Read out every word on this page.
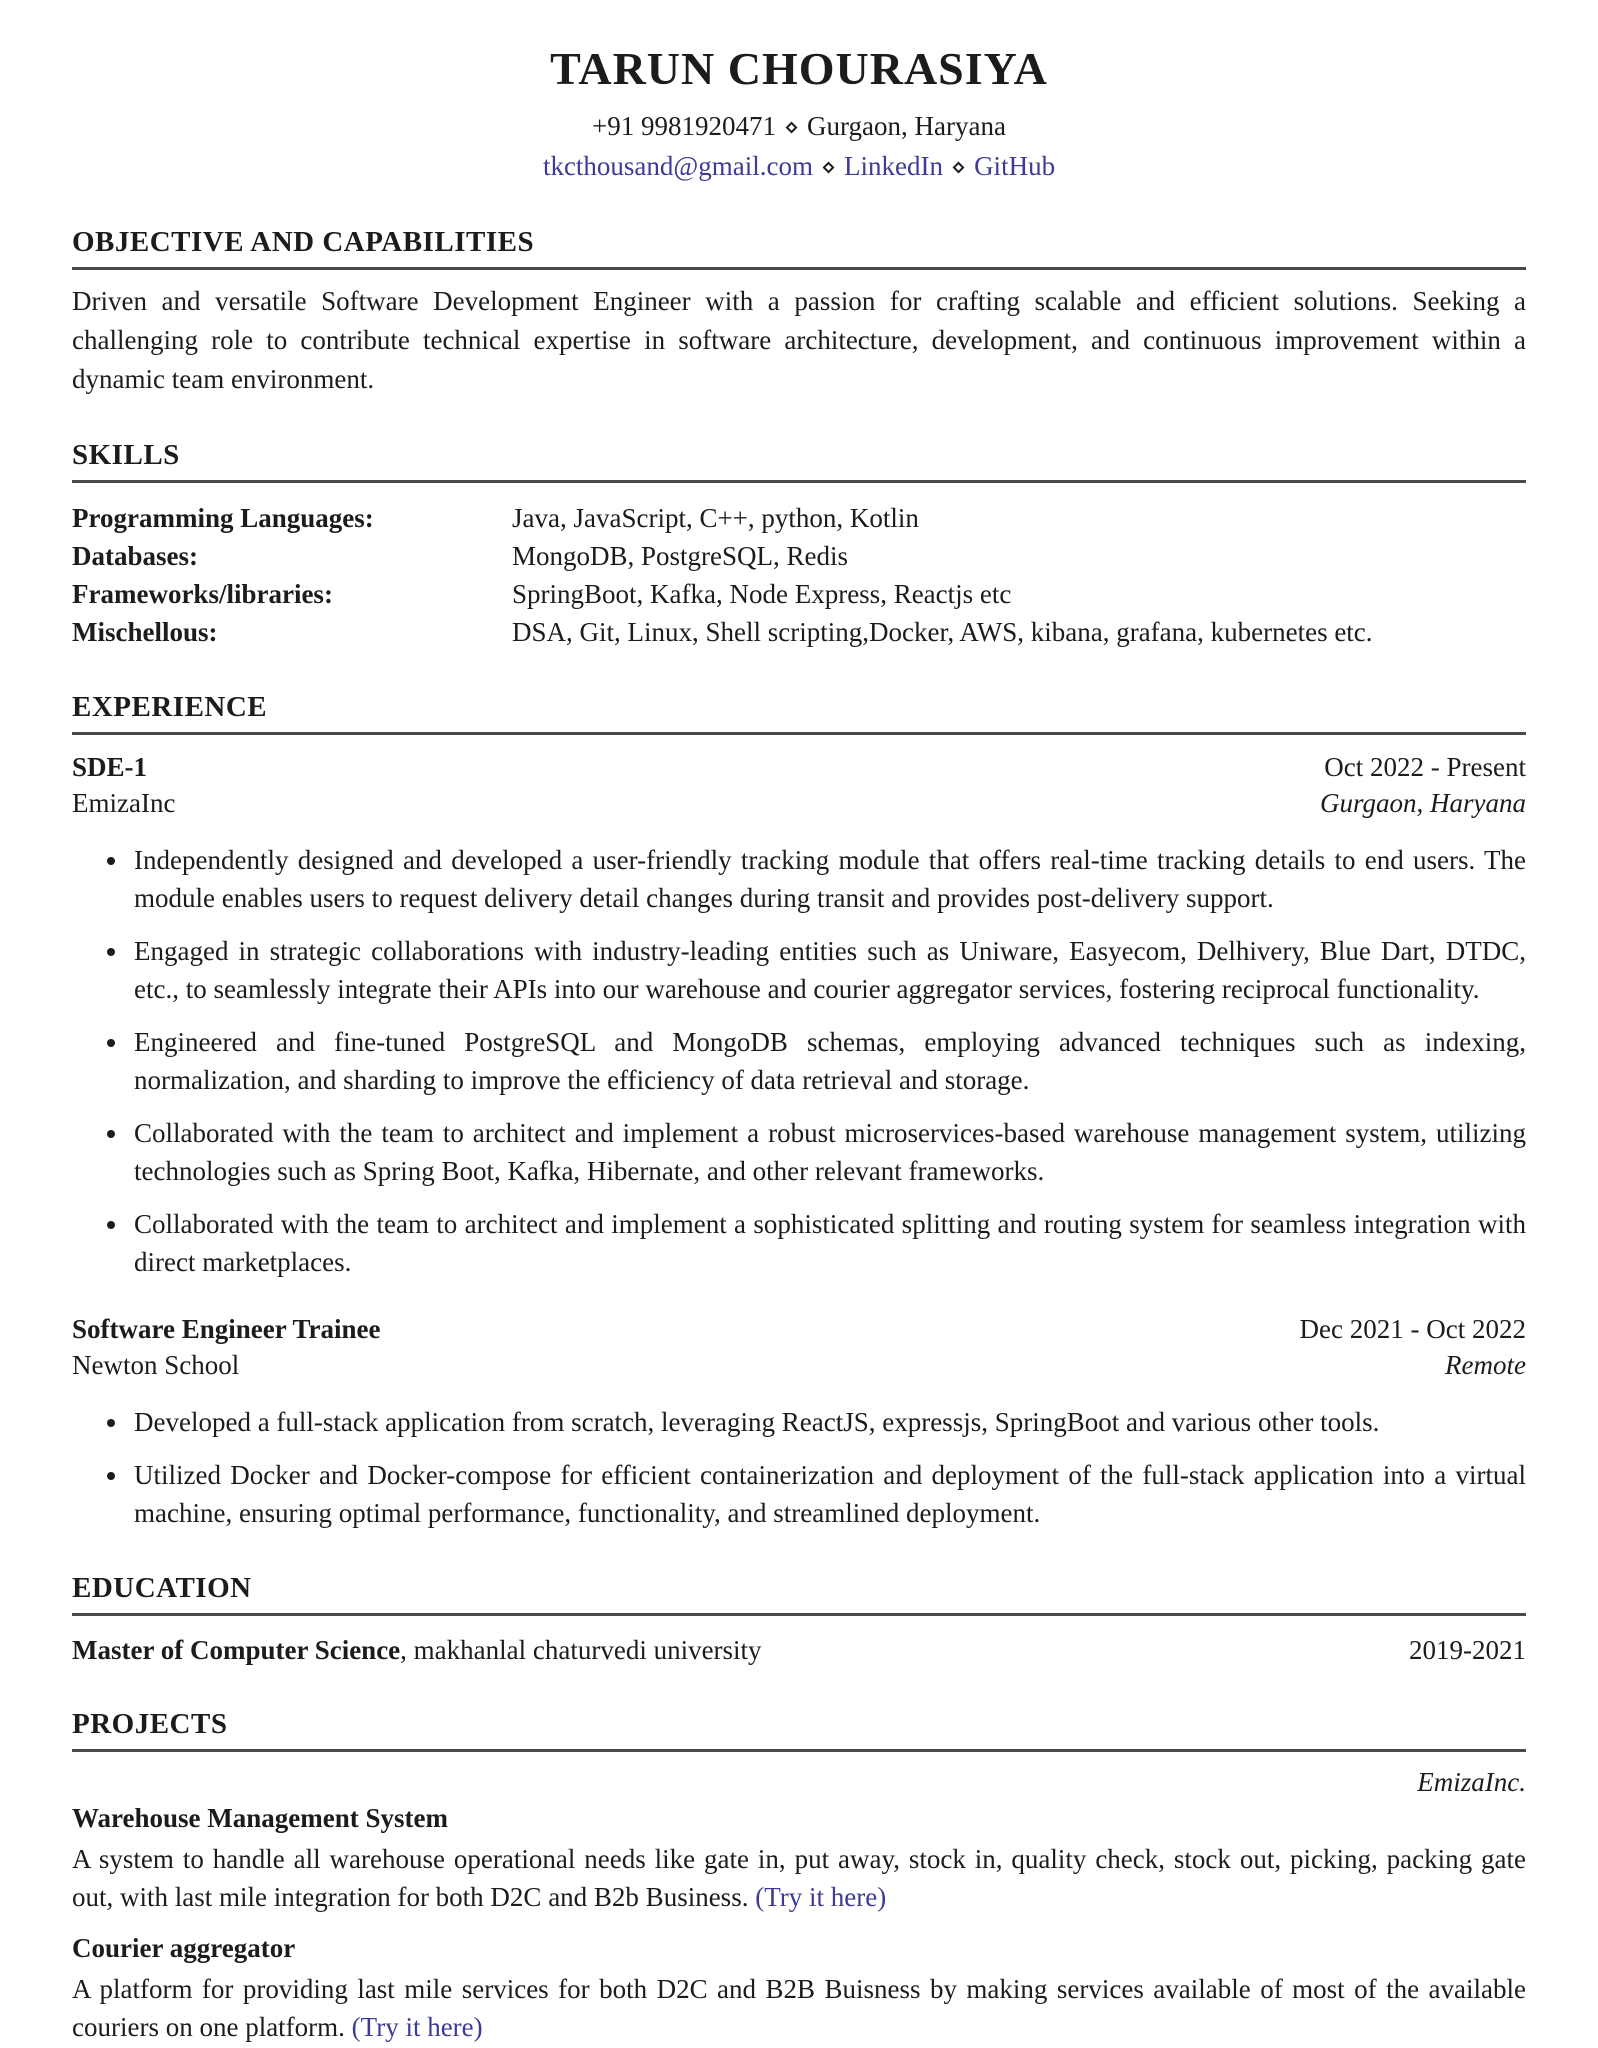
TARUN CHOURASIYA
+91 9981920471 ⋄ Gurgaon, Haryana
tkcthousand@gmail.com ⋄ LinkedIn ⋄ GitHub
OBJECTIVE AND CAPABILITIES
Driven and versatile Software Development Engineer with a passion for crafting scalable and efficient solutions. Seeking a challenging role to contribute technical expertise in software architecture, development, and continuous improvement within a dynamic team environment.
SKILLS
Programming Languages:	Java, JavaScript, C++, python, Kotlin
Databases:	MongoDB, PostgreSQL, Redis
Frameworks/libraries:	SpringBoot, Kafka, Node Express, Reactjs etc
Mischellous:	DSA, Git, Linux, Shell scripting,Docker, AWS, kibana, grafana, kubernetes etc.
EXPERIENCE
SDE-1	Oct 2022 - Present
EmizaInc	Gurgaon, Haryana
• Independently designed and developed a user-friendly tracking module that offers real-time tracking details to end users. The module enables users to request delivery detail changes during transit and provides post-delivery support.
• Engaged in strategic collaborations with industry-leading entities such as Uniware, Easyecom, Delhivery, Blue Dart, DTDC, etc., to seamlessly integrate their APIs into our warehouse and courier aggregator services, fostering reciprocal functionality.
• Engineered and fine-tuned PostgreSQL and MongoDB schemas, employing advanced techniques such as indexing, normalization, and sharding to improve the efficiency of data retrieval and storage.
• Collaborated with the team to architect and implement a robust microservices-based warehouse management system, utilizing technologies such as Spring Boot, Kafka, Hibernate, and other relevant frameworks.
• Collaborated with the team to architect and implement a sophisticated splitting and routing system for seamless integration with direct marketplaces.
Software Engineer Trainee	Dec 2021 - Oct 2022
Newton School	Remote
• Developed a full-stack application from scratch, leveraging ReactJS, expressjs, SpringBoot and various other tools.
• Utilized Docker and Docker-compose for efficient containerization and deployment of the full-stack application into a virtual machine, ensuring optimal performance, functionality, and streamlined deployment.
EDUCATION
Master of Computer Science, makhanlal chaturvedi university	2019-2021
PROJECTS
EmizaInc.
Warehouse Management System
A system to handle all warehouse operational needs like gate in, put away, stock in, quality check, stock out, picking, packing gate out, with last mile integration for both D2C and B2b Business. (Try it here)
Courier aggregator
A platform for providing last mile services for both D2C and B2B Buisness by making services available of most of the available couriers on one platform. (Try it here)
